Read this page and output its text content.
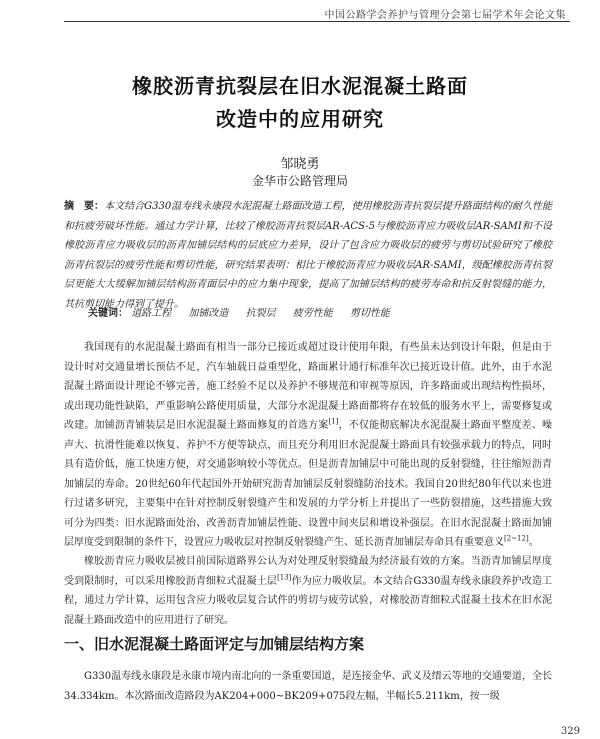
中国公路学会养护与管理分会第七届学术年会论文集
橡胶沥青抗裂层在旧水泥混凝土路面
改造中的应用研究
邹晓勇
金华市公路管理局
摘　要：本文结合G330温寿线永康段水泥混凝土路面改造工程，使用橡胶沥青抗裂层提升路面结构的耐久性能和抗疲劳破坏性能。通过力学计算，比较了橡胶沥青抗裂层AR-ACS-5与橡胶沥青应力吸收层AR-SAMI和不设橡胶沥青应力吸收层的沥青加铺层结构的层底应力差异，设计了包含应力吸收层的疲劳与剪切试验研究了橡胶沥青抗裂层的疲劳性能和剪切性能，研究结果表明：相比于橡胶沥青应力吸收层AR-SAMI，级配橡胶沥青抗裂层更能大大缓解加铺层结构沥青面层中的应力集中现象，提高了加铺层结构的疲劳寿命和抗反射裂缝的能力，其抗剪切能力得到了提升。
关键词： 道路工程 加铺改造 抗裂层 疲劳性能 剪切性能
我国现有的水泥混凝土路面有相当一部分已接近或超过设计使用年限，有些虽未达到设计年限，但是由于设计时对交通量增长预估不足，汽车轴载日益重型化，路面累计通行标准年次已接近设计值。此外，由于水泥混凝土路面设计理论不够完善，施工经验不足以及养护不够规范和审视等原因，许多路面或出现结构性损坏，或出现功能性缺陷，严重影响公路使用质量，大部分水泥混凝土路面都将存在较低的服务水平上，需要修复或改建。加铺沥青铺装层是旧水泥混凝土路面修复的首选方案[1]，不仅能彻底解决水泥混凝土路面平整度差、噪声大、抗滑性能难以恢复、养护不方便等缺点，而且充分利用旧水泥混凝土路面具有较强承载力的特点，同时具有造价低，施工快速方便，对交通影响较小等优点。但是沥青加铺层中可能出现的反射裂缝，往往缩短沥青加铺层的寿命。20世纪60年代起国外开始研究沥青加铺层反射裂缝防治技术。我国自20世纪80年代以来也进行过诸多研究，主要集中在针对控制反射裂缝产生和发展的力学分析上并提出了一些防裂措施，这些措施大致可分为四类：旧水泥路面处治、改善沥青加铺层性能、设置中间夹层和增设补强层。在旧水泥混凝土路面加铺层厚度受到限制的条件下，设置应力吸收层对控制反射裂缝产生、延长沥青加铺层寿命具有重要意义[2~12]。
橡胶沥青应力吸收层被目前国际道路界公认为对处理反射裂缝最为经济最有效的方案。当沥青加铺层厚度受到限制时，可以采用橡胶沥青细粒式混凝土层[13]作为应力吸收层。本文结合G330温寿线永康段养护改造工程，通过力学计算，运用包含应力吸收层复合试件的剪切与疲劳试验，对橡胶沥青细粒式混凝土技术在旧水泥混凝土路面改造中的应用进行了研究。
一、旧水泥混凝土路面评定与加铺层结构方案
G330温寿线永康段是永康市境内南北向的一条重要国道，是连接金华、武义及缙云等地的交通要道，全长34.334km。本次路面改造路段为AK204+000~BK209+075段左幅，半幅长5.211km，按一级
329
